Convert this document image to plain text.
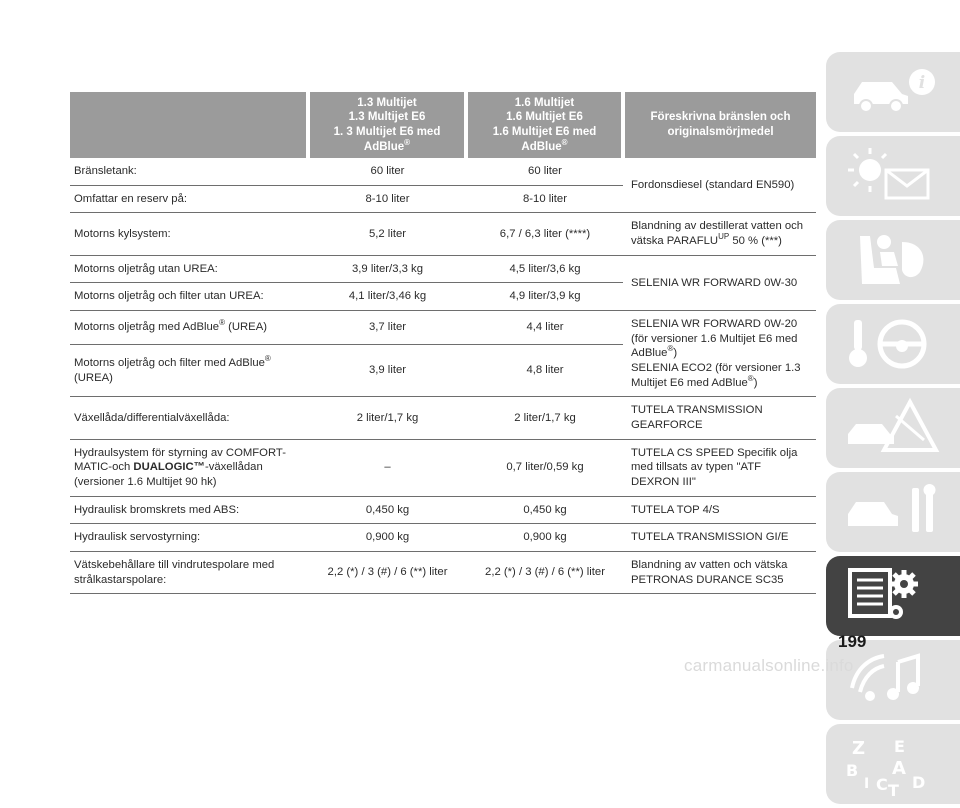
	1.3 Multijet
1.3 Multijet E6
1. 3 Multijet E6 med
AdBlue®	1.6 Multijet
1.6 Multijet E6
1.6 Multijet E6 med
AdBlue®	Föreskrivna bränslen och
originalsmörjmedel
Bränsletank:	60 liter	60 liter	Fordonsdiesel (standard EN590)
Omfattar en reserv på:	8-10 liter	8-10 liter	
Motorns kylsystem:	5,2 liter	6,7 / 6,3 liter (****)	Blandning av destillerat vatten och vätska $PARAFLU^{UP}$ 50 % (***)
Motorns oljetråg utan UREA:	3,9 liter/3,3 kg	4,5 liter/3,6 kg	SELENIA WR FORWARD 0W-30
Motorns oljetråg och filter utan UREA:	4,1 liter/3,46 kg	4,9 liter/3,9 kg	
Motorns oljetråg med AdBlue® (UREA)	3,7 liter	4,4 liter	SELENIA WR FORWARD 0W-20
(för versioner 1.6 Multijet E6 med
AdBlue®)
SELENIA ECO2 (för versioner 1.3
Multijet E6 med AdBlue®)
Motorns oljetråg och filter med AdBlue®
(UREA)	3,9 liter	4,8 liter	
Växellåda/differentialväxellåda:	2 liter/1,7 kg	2 liter/1,7 kg	TUTELA TRANSMISSION GEARFORCE
Hydraulsystem för styrning av COMFORT-MATIC-och DUALOGIC™-växellådan
(versioner 1.6 Multijet 90 hk)	–	0,7 liter/0,59 kg	TUTELA CS SPEED Specifik olja med tillsats av typen "ATF DEXRON III"
Hydraulisk bromskrets med ABS:	0,450 kg	0,450 kg	TUTELA TOP 4/S
Hydraulisk servostyrning:	0,900 kg	0,900 kg	TUTELA TRANSMISSION GI/E
Vätskebehållare till vindrutespolare med strålkastarspolare:	2,2 (*) / 3 (#) / 6 (**) liter	2,2 (*) / 3 (#) / 6 (**) liter	Blandning av vatten och vätska PETRONAS DURANCE SC35
i
Z E
B A
I C T D
199
carmanualsonline.info
